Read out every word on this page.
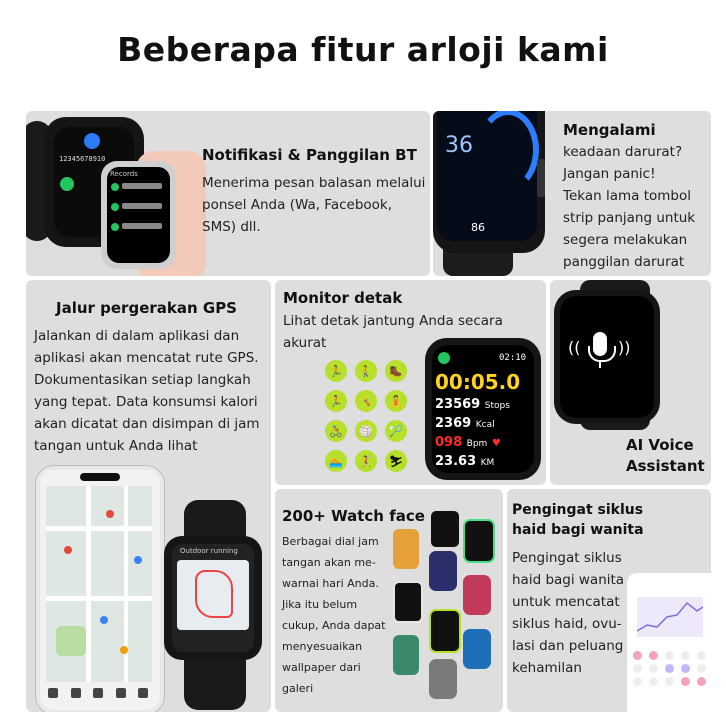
Beberapa fitur arloji kami
12345678910
Records
Notifikasi & Panggilan BT
Menerima pesan balasan melalui
ponsel Anda (Wa, Facebook,
SMS) dll.
36
86
Mengalami
keadaan darurat?
Jangan panic!
Tekan lama tombol
strip panjang untuk
segera melakukan
panggilan darurat
Jalur pergerakan GPS
Jalankan di dalam aplikasi dan
aplikasi akan mencatat rute GPS.
Dokumentasikan setiap langkah
yang tepat. Data konsumsi kalori
akan dicatat dan disimpan di jam
tangan untuk Anda lihat
Outdoor running
Monitor detak
Lihat detak jantung Anda secara
akurat
🏃	🚶	🥾
🏃	🤸	🧘
🚴	🏐	🏸
🏊	🤾	⛷
02:10
00:05.0
23569 Stops
2369 Kcal
098 Bpm ♥
23.63 KM
(( ))
AI Voice
Assistant
200+ Watch face
Berbagai dial jam
tangan akan me-
warnai hari Anda.
Jika itu belum
cukup, Anda dapat
menyesuaikan
wallpaper dari
galeri
Pengingat siklus
haid bagi wanita
Pengingat siklus
haid bagi wanita
untuk mencatat
siklus haid, ovu-
lasi dan peluang
kehamilan
